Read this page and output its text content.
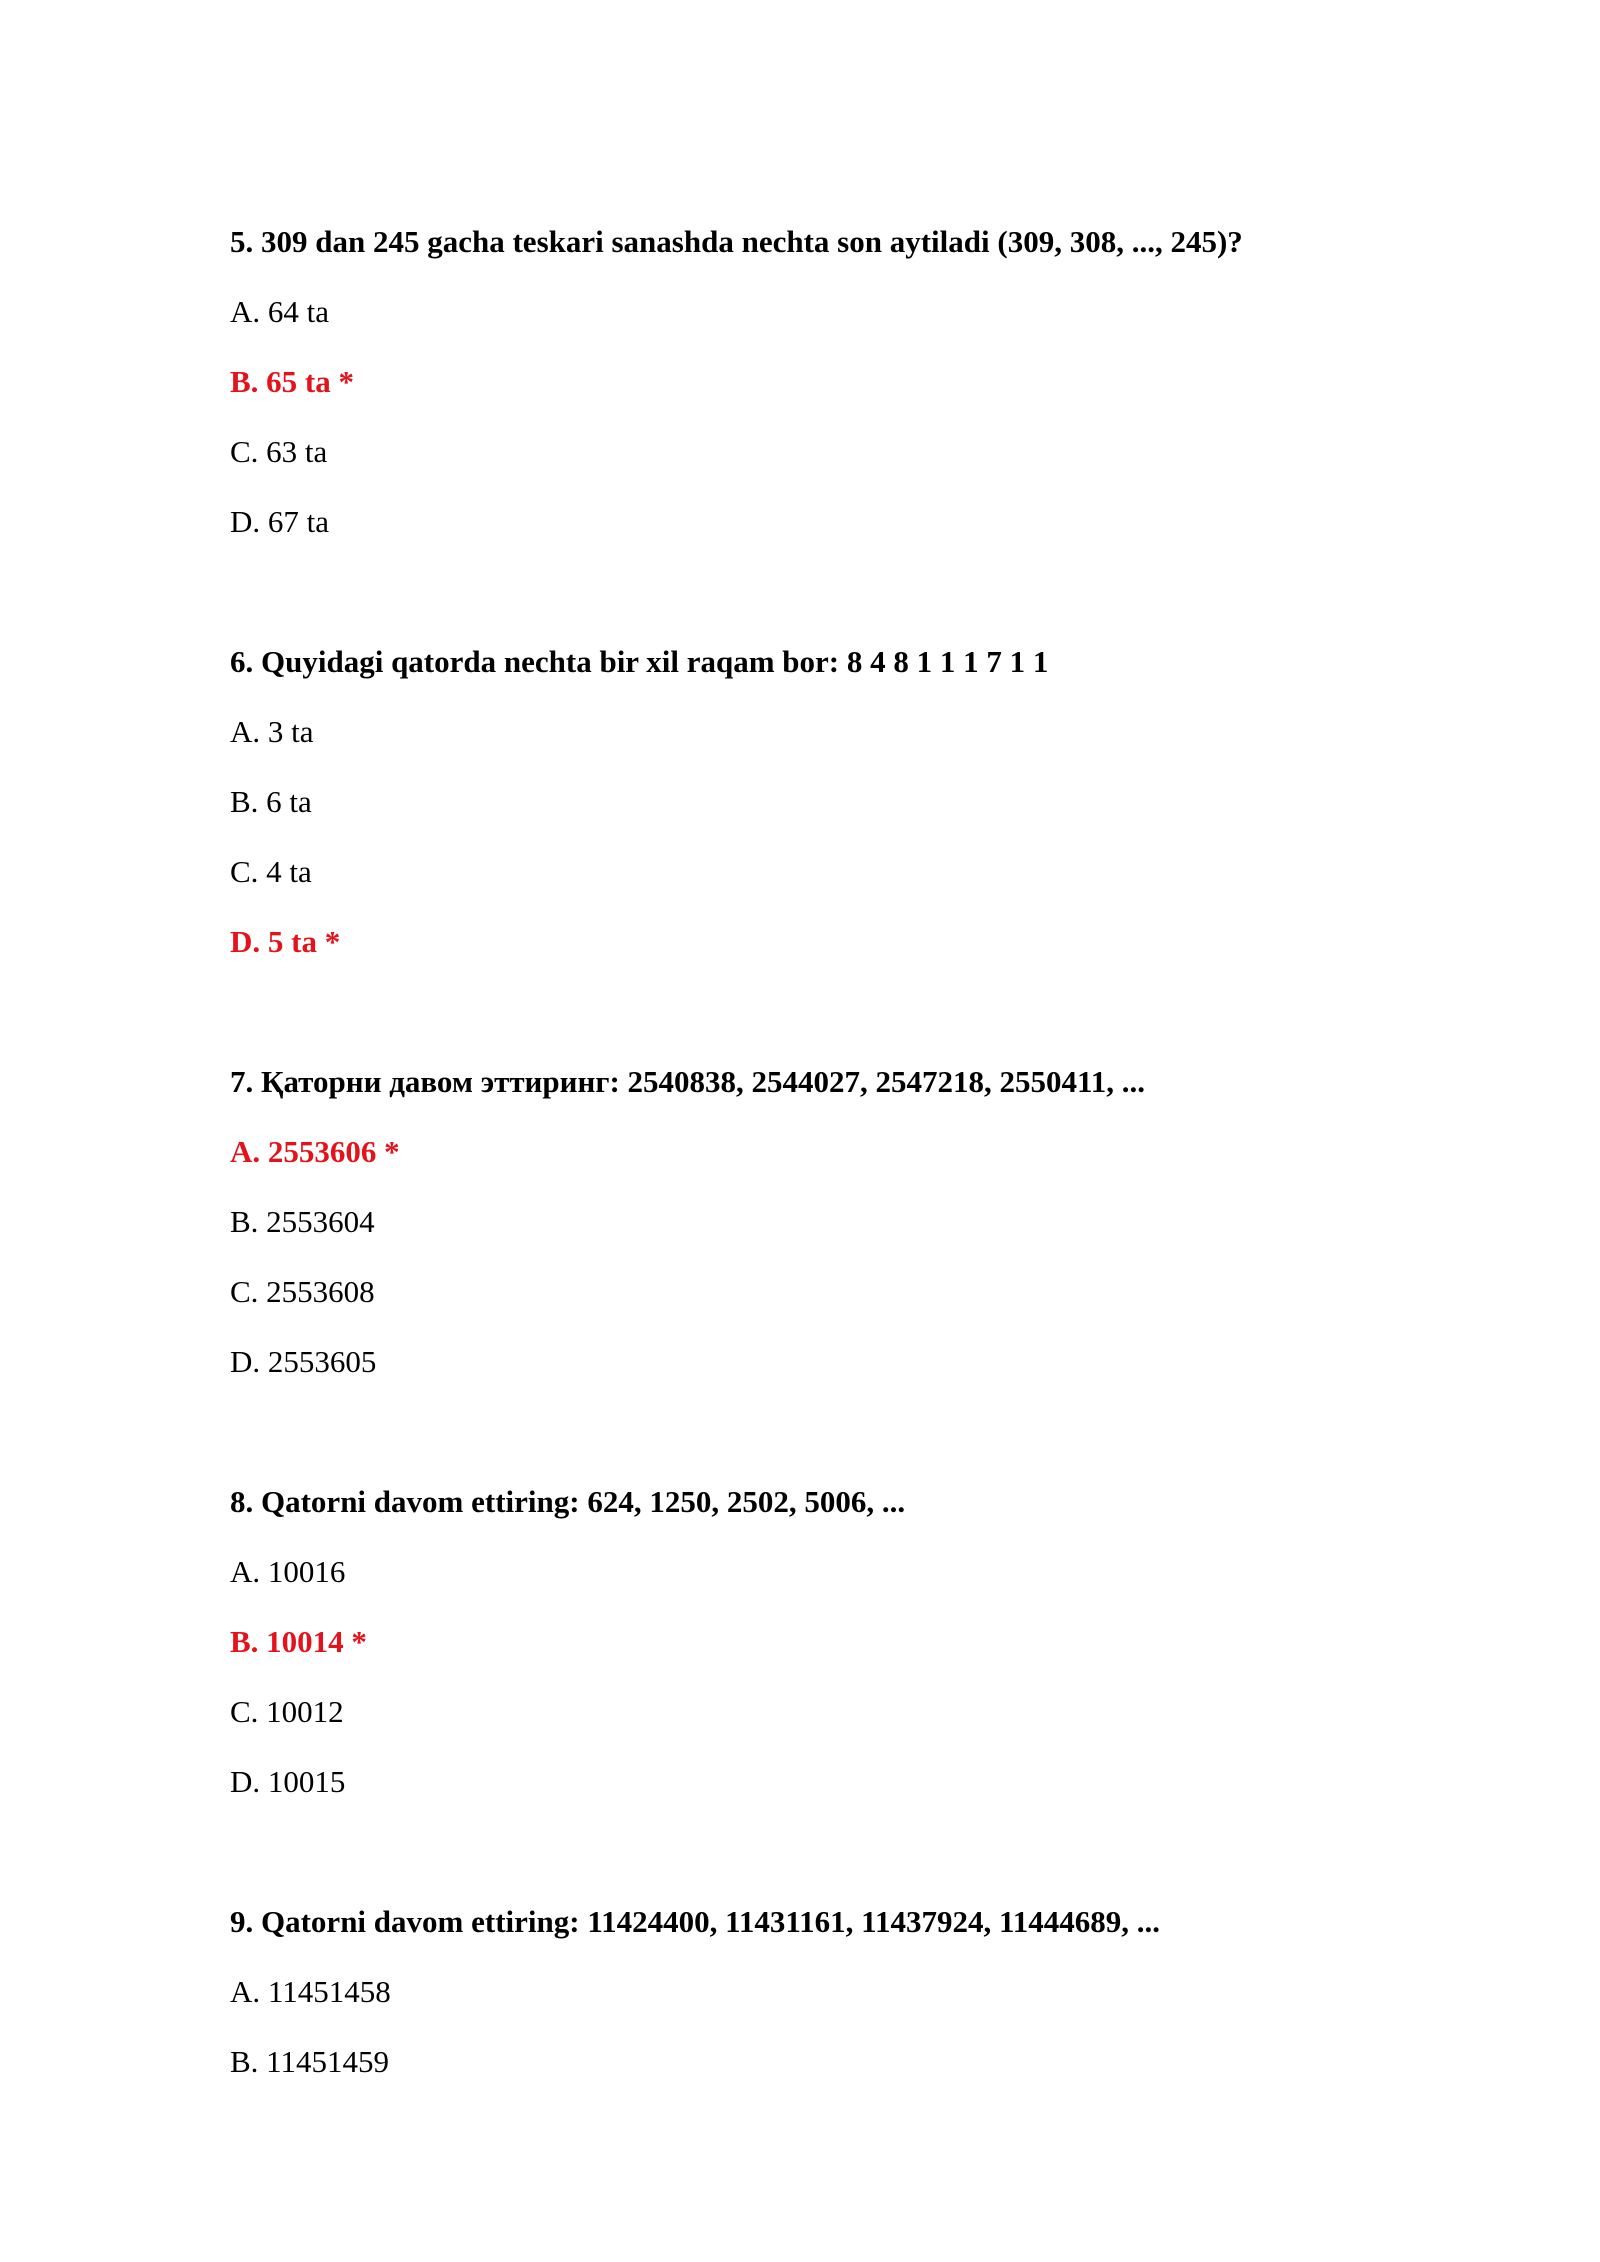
5. 309 dan 245 gacha teskari sanashda nechta son aytiladi (309, 308, ..., 245)?

A. 64 ta
B. 65 ta *
C. 63 ta
D. 67 ta

6. Quyidagi qatorda nechta bir xil raqam bor: 8 4 8 1 1 1 7 1 1

A. 3 ta
B. 6 ta
C. 4 ta
D. 5 ta *

7. Қаторни давом эттиринг: 2540838, 2544027, 2547218, 2550411, ...

A. 2553606 *
B. 2553604
C. 2553608
D. 2553605

8. Qatorni davom ettiring: 624, 1250, 2502, 5006, ...

A. 10016
B. 10014 *
C. 10012
D. 10015

9. Qatorni davom ettiring: 11424400, 11431161, 11437924, 11444689, ...

A. 11451458
B. 11451459
